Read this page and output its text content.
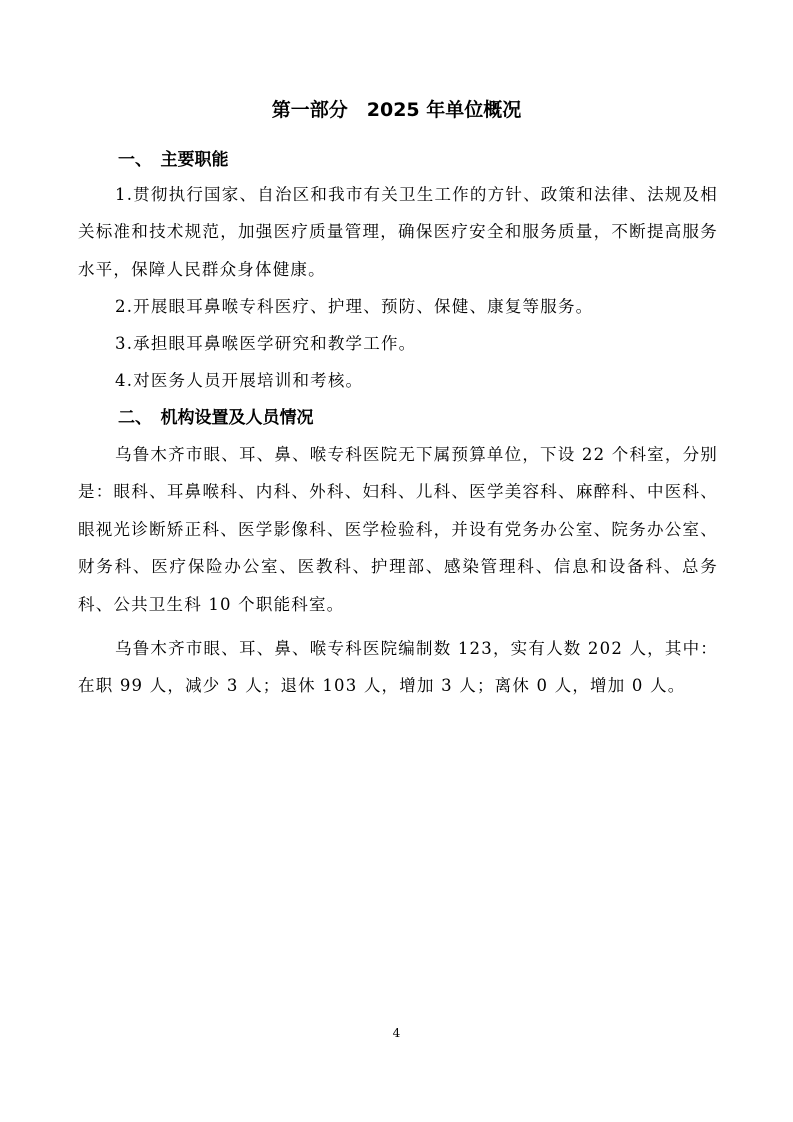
第一部分　2025 年单位概况
一、　主要职能
1.贯彻执行国家、自治区和我市有关卫生工作的方针、政策和法律、法规及相关标准和技术规范，加强医疗质量管理，确保医疗安全和服务质量，不断提高服务水平，保障人民群众身体健康。
2.开展眼耳鼻喉专科医疗、护理、预防、保健、康复等服务。
3.承担眼耳鼻喉医学研究和教学工作。
4.对医务人员开展培训和考核。
二、　机构设置及人员情况
乌鲁木齐市眼、耳、鼻、喉专科医院无下属预算单位，下设 22 个科室，分别是：眼科、耳鼻喉科、内科、外科、妇科、儿科、医学美容科、麻醉科、中医科、眼视光诊断矫正科、医学影像科、医学检验科，并设有党务办公室、院务办公室、财务科、医疗保险办公室、医教科、护理部、感染管理科、信息和设备科、总务科、公共卫生科 10 个职能科室。
乌鲁木齐市眼、耳、鼻、喉专科医院编制数 123，实有人数 202 人，其中：在职 99 人，减少 3 人；退休 103 人，增加 3 人；离休 0 人，增加 0 人。
4
